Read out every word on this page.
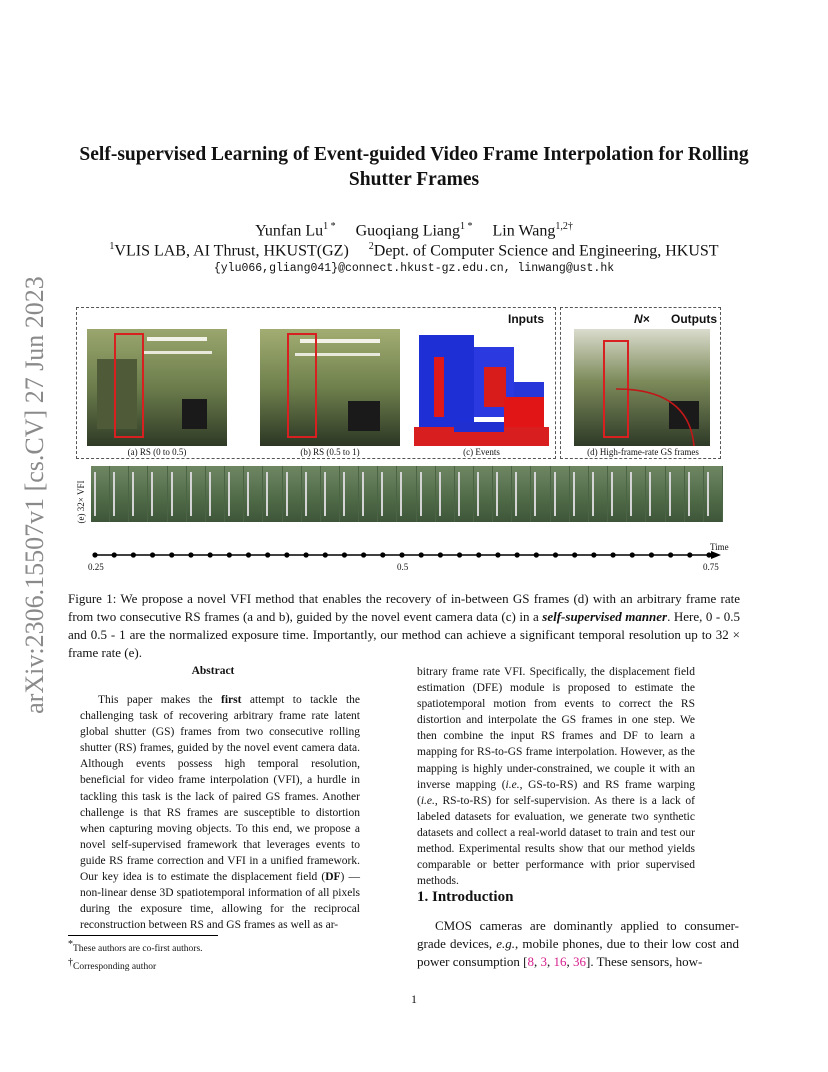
arXiv:2306.15507v1 [cs.CV] 27 Jun 2023
Self-supervised Learning of Event-guided Video Frame Interpolation for Rolling
Shutter Frames
Yunfan $Lu^{1 *}$ Guoqiang Liang$^{1 *}$ Lin Wang$^{1,2\dagger}$
$^1$VLIS LAB, AI Thrust, HKUST(GZ) $^2$Dept. of Computer Science and Engineering, HKUST
{ylu066,gliang041}@connect.hkust-gz.edu.cn, linwang@ust.hk
Inputs	N× Outputs
(a) RS (0 to 0.5)	(b) RS (0.5 to 1)	(c) Events	(d) High-frame-rate GS frames
(e) 32× VFI
Time
0.25	0.5	0.75
Figure 1: We propose a novel VFI method that enables the recovery of in-between GS frames (d) with an arbitrary frame rate from two consecutive RS frames (a and b), guided by the novel event camera data (c) in a self-supervised manner. Here, 0 - 0.5 and 0.5 - 1 are the normalized exposure time. Importantly, our method can achieve a significant temporal resolution up to 32 × frame rate (e).
Abstract

This paper makes the first attempt to tackle the challenging task of recovering arbitrary frame rate latent global shutter (GS) frames from two consecutive rolling shutter (RS) frames, guided by the novel event camera data. Although events possess high temporal resolution, beneficial for video frame interpolation (VFI), a hurdle in tackling this task is the lack of paired GS frames. Another challenge is that RS frames are susceptible to distortion when capturing moving objects. To this end, we propose a novel self-supervised framework that leverages events to guide RS frame correction and VFI in a unified framework. Our key idea is to estimate the displacement field (DF) —non-linear dense 3D spatiotemporal information of all pixels during the exposure time, allowing for the reciprocal reconstruction between RS and GS frames as well as ar-

bitrary frame rate VFI. Specifically, the displacement field estimation (DFE) module is proposed to estimate the spatiotemporal motion from events to correct the RS distortion and interpolate the GS frames in one step. We then combine the input RS frames and DF to learn a mapping for RS-to-GS frame interpolation. However, as the mapping is highly under-constrained, we couple it with an inverse mapping (i.e., GS-to-RS) and RS frame warping (i.e., RS-to-RS) for self-supervision. As there is a lack of labeled datasets for evaluation, we generate two synthetic datasets and collect a real-world dataset to train and test our method. Experimental results show that our method yields comparable or better performance with prior supervised methods.

1. Introduction

CMOS cameras are dominantly applied to consumer-grade devices, e.g., mobile phones, due to their low cost and power consumption [8, 3, 16, 36]. These sensors, how-

*These authors are co-first authors.
†Corresponding author
1
